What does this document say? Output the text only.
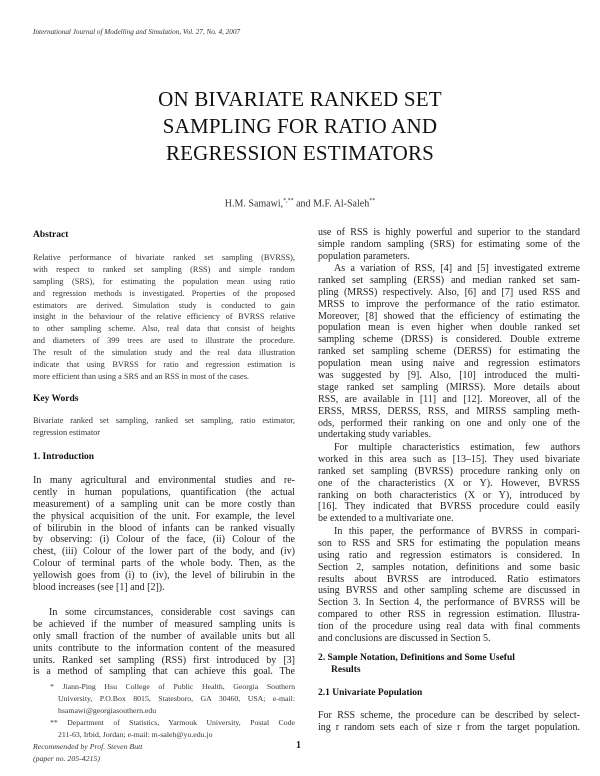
International Journal of Modelling and Simulation, Vol. 27, No. 4, 2007
ON BIVARIATE RANKED SET
SAMPLING FOR RATIO AND
REGRESSION ESTIMATORS
H.M. Samawi,*,** and M.F. Al-Saleh**
Abstract
Relative performance of bivariate ranked set sampling (BVRSS),
with respect to ranked set sampling (RSS) and simple random
sampling (SRS), for estimating the population mean using ratio
and regression methods is investigated. Properties of the proposed
estimators are derived. Simulation study is conducted to gain
insight in the behaviour of the relative efficiency of BVRSS relative
to other sampling scheme. Also, real data that consist of heights
and diameters of 399 trees are used to illustrate the procedure.
The result of the simulation study and the real data illustration
indicate that using BVRSS for ratio and regression estimation is
more efficient than using a SRS and an RSS in most of the cases.
Key Words
Bivariate ranked set sampling, ranked set sampling, ratio estimator,
regression estimator
1. Introduction
In many agricultural and environmental studies and re-
cently in human populations, quantification (the actual
measurement) of a sampling unit can be more costly than
the physical acquisition of the unit. For example, the level
of bilirubin in the blood of infants can be ranked visually
by observing: (i) Colour of the face, (ii) Colour of the
chest, (iii) Colour of the lower part of the body, and (iv)
Colour of terminal parts of the whole body. Then, as the
yellowish goes from (i) to (iv), the level of bilirubin in the
blood increases (see [1] and [2]).
In some circumstances, considerable cost savings can
be achieved if the number of measured sampling units is
only small fraction of the number of available units but all
units contribute to the information content of the measured
units. Ranked set sampling (RSS) first introduced by [3]
is a method of sampling that can achieve this goal. The
* Jiann-Ping Hsu College of Public Health, Georgia Southern
University, P.O.Box 8015, Statesboro, GA 30460, USA; e-mail:
hsamawi@georgiasouthern.edu
** Department of Statistics, Yarmouk University, Postal Code
211-63, Irbid, Jordan; e-mail: m-saleh@yu.edu.jo
Recommended by Prof. Steven Butt
(paper no. 205-4215)
use of RSS is highly powerful and superior to the standard
simple random sampling (SRS) for estimating some of the
population parameters.
As a variation of RSS, [4] and [5] investigated extreme
ranked set sampling (ERSS) and median ranked set sam-
pling (MRSS) respectively. Also, [6] and [7] used RSS and
MRSS to improve the performance of the ratio estimator.
Moreover, [8] showed that the efficiency of estimating the
population mean is even higher when double ranked set
sampling scheme (DRSS) is considered. Double extreme
ranked set sampling scheme (DERSS) for estimating the
population mean using naive and regression estimators
was suggested by [9]. Also, [10] introduced the multi-
stage ranked set sampling (MIRSS). More details about
RSS, are available in [11] and [12]. Moreover, all of the
ERSS, MRSS, DERSS, RSS, and MIRSS sampling meth-
ods, performed their ranking on one and only one of the
undertaking study variables.
For multiple characteristics estimation, few authors
worked in this area such as [13–15]. They used bivariate
ranked set sampling (BVRSS) procedure ranking only on
one of the characteristics (X or Y). However, BVRSS
ranking on both characteristics (X or Y), introduced by
[16]. They indicated that BVRSS procedure could easily
be extended to a multivariate one.
In this paper, the performance of BVRSS in compari-
son to RSS and SRS for estimating the population means
using ratio and regression estimators is considered. In
Section 2, samples notation, definitions and some basic
results about BVRSS are introduced. Ratio estimators
using BVRSS and other sampling scheme are discussed in
Section 3. In Section 4, the performance of BVRSS will be
compared to other RSS in regression estimation. Illustra-
tion of the procedure using real data with final comments
and conclusions are discussed in Section 5.
2. Sample Notation, Definitions and Some Useful
Results
2.1 Univariate Population
For RSS scheme, the procedure can be described by select-
ing r random sets each of size r from the target population.
1
